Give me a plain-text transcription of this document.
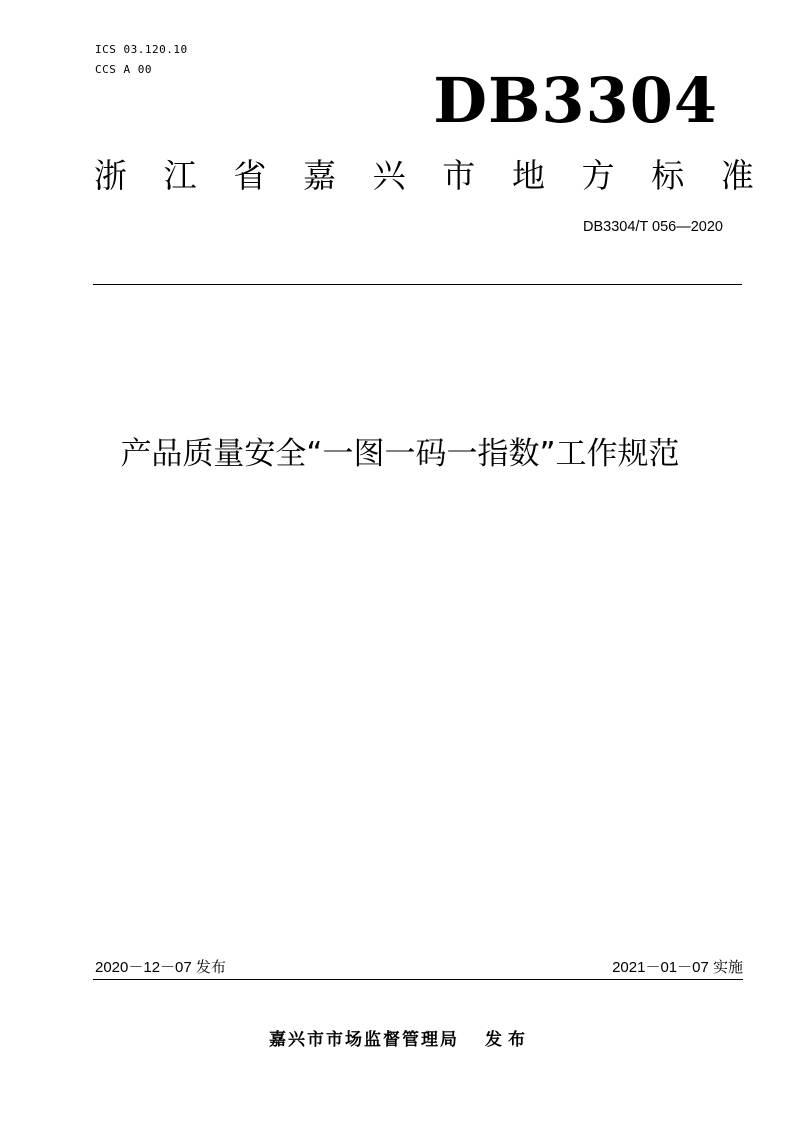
ICS 03.120.10
CCS A 00	DB3304
浙 江 省 嘉 兴 市 地 方 标 准
DB3304/T 056—2020
产品质量安全“一图一码一指数”工作规范
2020－12－07 发布	2021－01－07 实施
嘉兴市市场监督管理局 发布
